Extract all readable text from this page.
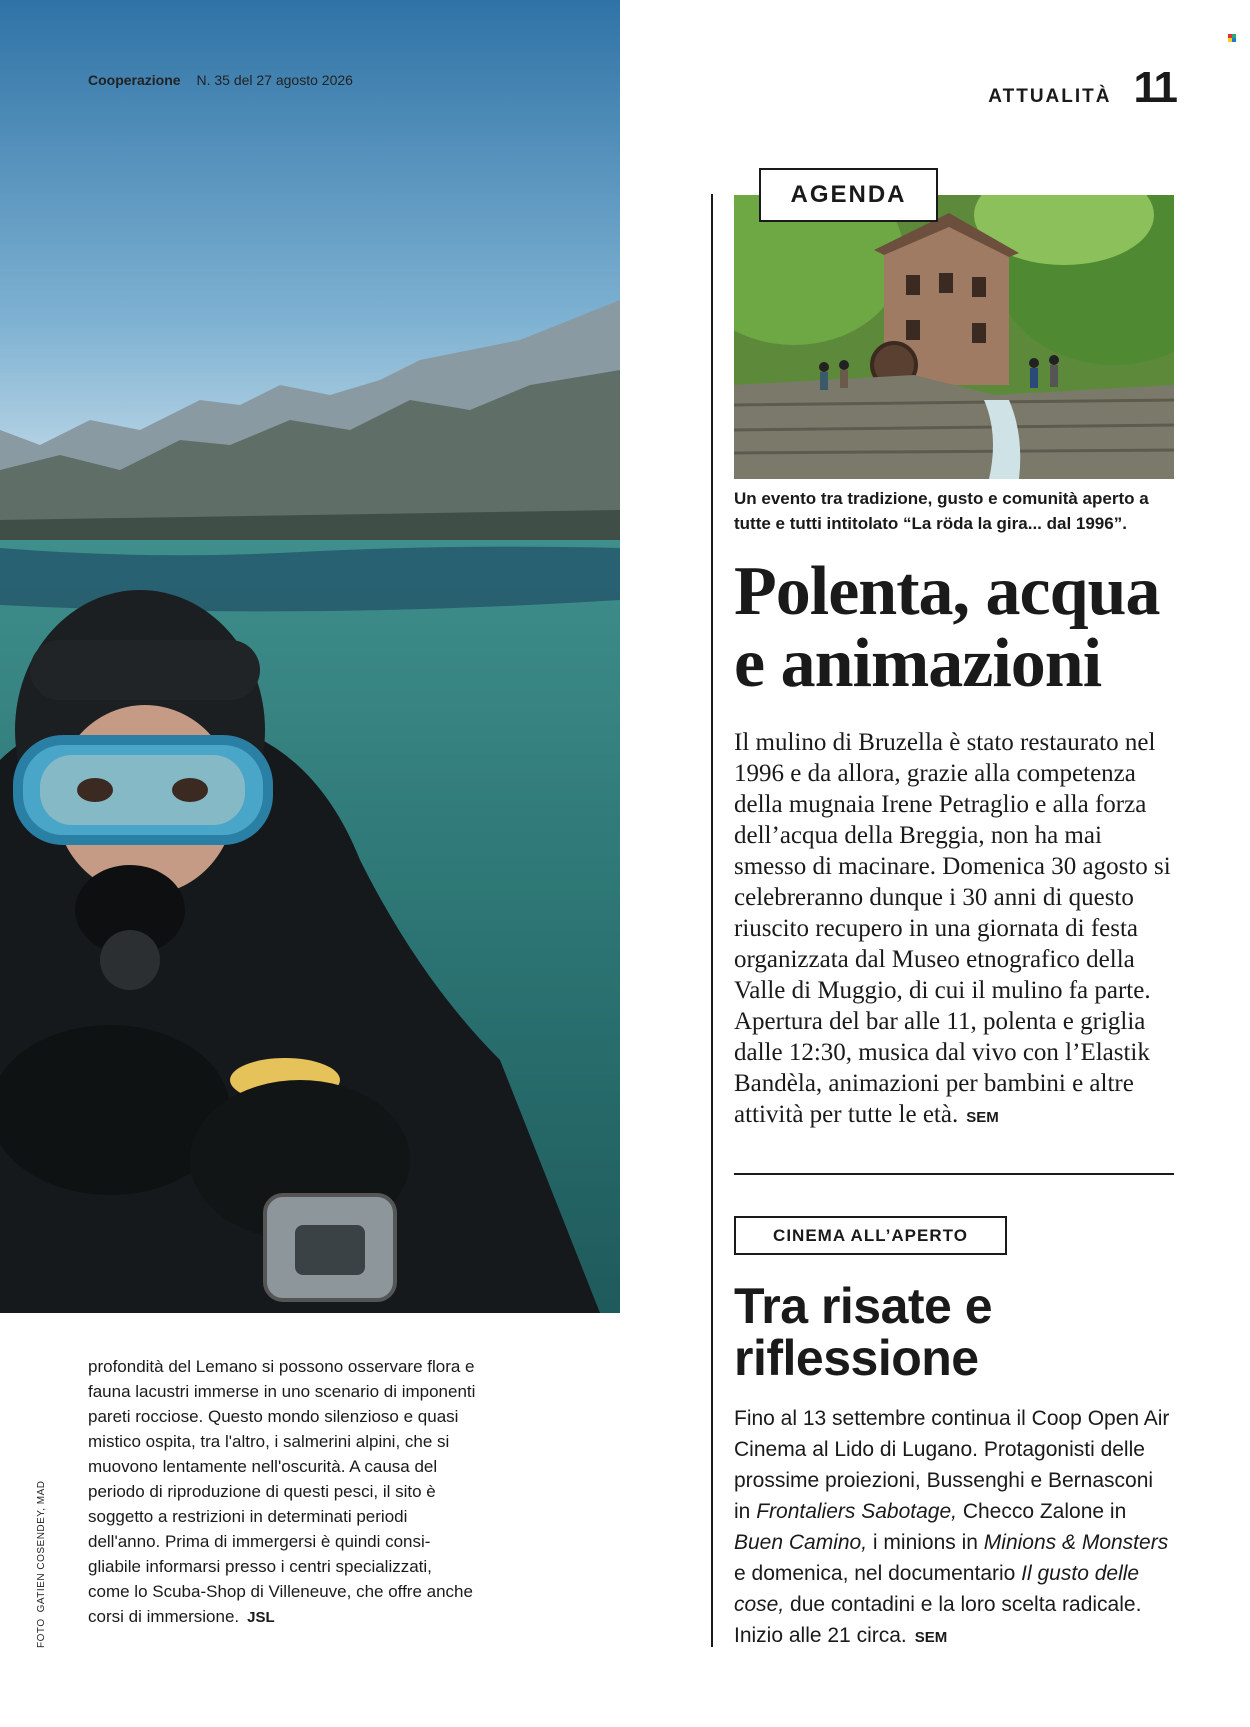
Cooperazione N. 35 del 27 agosto 2026
ATTUALITÀ 11
AGENDA
Un evento tra tradizione, gusto e comunità aperto a tutte e tutti intitolato “La röda la gira... dal 1996”.
Polenta, acqua e animazioni

Il mulino di Bruzella è stato restaurato nel 1996 e da allora, grazie alla competenza della mugnaia Irene Petraglio e alla forza dell’acqua della Breggia, non ha mai smesso di macinare. Domenica 30 agosto si celebreranno dunque i 30 anni di questo riuscito recupero in una giornata di festa organizzata dal Museo etnografico della Valle di Muggio, di cui il mulino fa parte. Apertura del bar alle 11, polenta e griglia dalle 12:30, musica dal vivo con l’Elastik Bandèla, animazioni per bambini e altre attività per tutte le età. SEM

CINEMA ALL’APERTO
Tra risate e riflessione

Fino al 13 settembre continua il Coop Open Air Cinema al Lido di Lugano. Protagonisti delle prossime proiezioni, Bussenghi e Bernasconi in Frontaliers Sabotage, Checco Zalone in Buen Camino, i minions in Minions & Monsters e domenica, nel documentario Il gusto delle cose, due contadini e la loro scelta radicale. Inizio alle 21 circa. SEM

profondità del Lemano si possono osservare flora e fauna lacustri immerse in uno scenario di imponenti pareti rocciose. Questo mondo silenzioso e quasi mistico ospita, tra l'altro, i salmerini alpini, che si muovono lentamente nell'oscurità. A causa del periodo di riproduzione di questi pesci, il sito è soggetto a restrizioni in determinati periodi dell'anno. Prima di immergersi è quindi consi-gliabile informarsi presso i centri specializzati, come lo Scuba-Shop di Villeneuve, che offre anche corsi di immersione. JSL

FOTOGATIEN COSENDEY, MAD
